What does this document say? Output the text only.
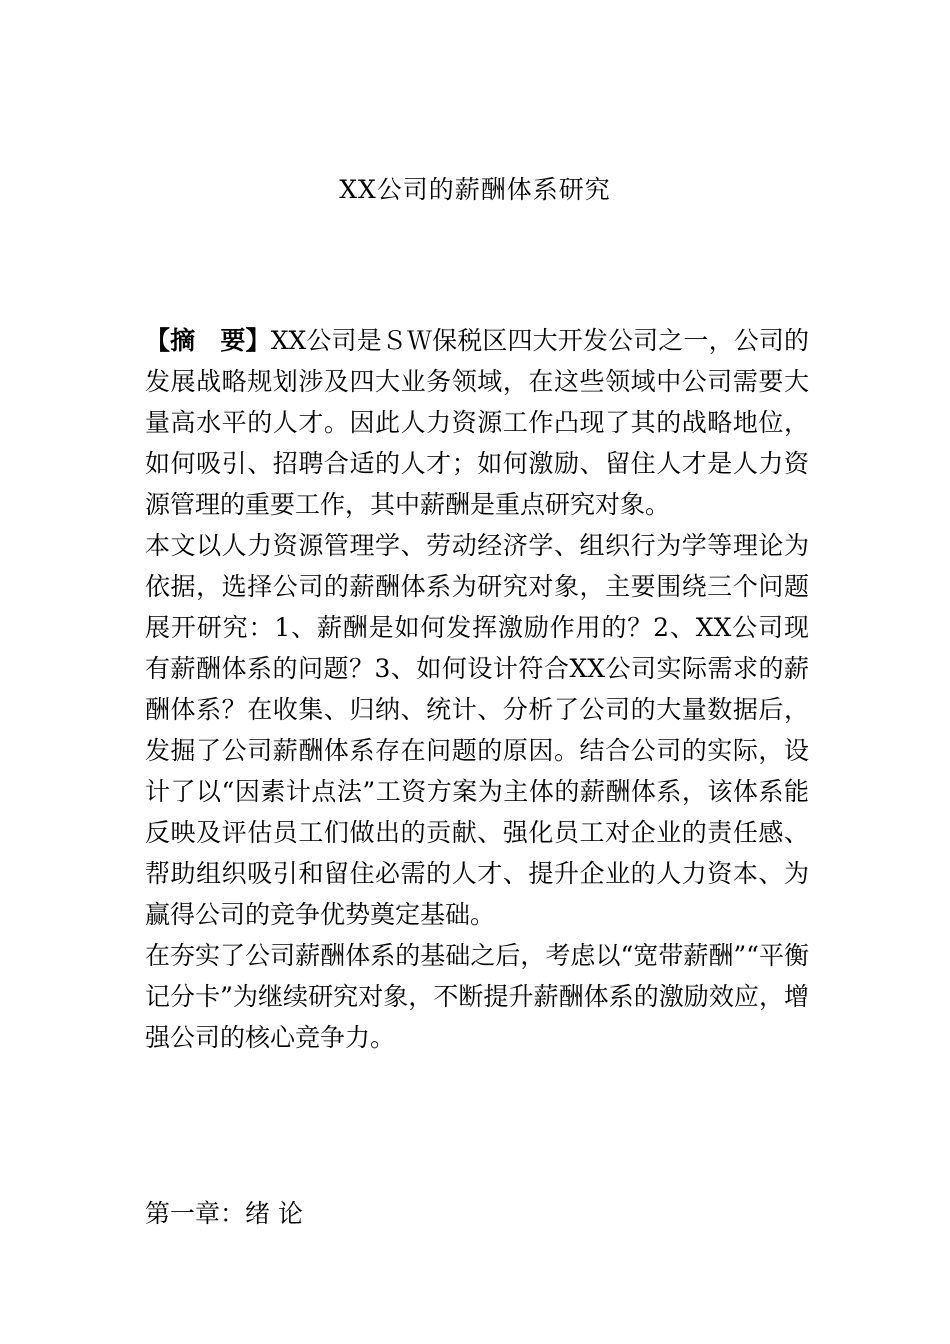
XX公司的薪酬体系研究

【摘　要】XX公司是ＳＷ保税区四大开发公司之一，公司的发展战略规划涉及四大业务领域，在这些领域中公司需要大量高水平的人才。因此人力资源工作凸现了其的战略地位，如何吸引、招聘合适的人才；如何激励、留住人才是人力资源管理的重要工作，其中薪酬是重点研究对象。

本文以人力资源管理学、劳动经济学、组织行为学等理论为依据，选择公司的薪酬体系为研究对象，主要围绕三个问题展开研究：1、薪酬是如何发挥激励作用的？2、XX公司现有薪酬体系的问题？3、如何设计符合XX公司实际需求的薪酬体系？在收集、归纳、统计、分析了公司的大量数据后，发掘了公司薪酬体系存在问题的原因。结合公司的实际，设计了以“因素计点法”工资方案为主体的薪酬体系，该体系能反映及评估员工们做出的贡献、强化员工对企业的责任感、帮助组织吸引和留住必需的人才、提升企业的人力资本、为赢得公司的竞争优势奠定基础。

在夯实了公司薪酬体系的基础之后，考虑以“宽带薪酬”“平衡记分卡”为继续研究对象，不断提升薪酬体系的激励效应，增强公司的核心竞争力。

第一章：绪 论
